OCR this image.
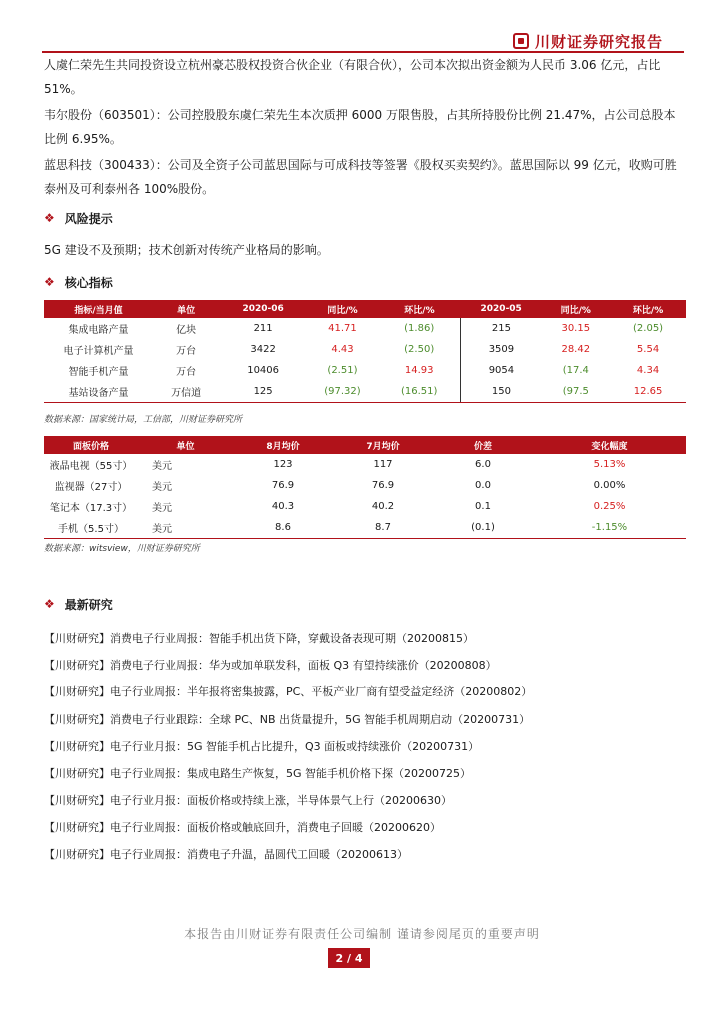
川财证券研究报告

人虞仁荣先生共同投资设立杭州豪芯股权投资合伙企业（有限合伙），公司本次拟出资金额为人民币 3.06 亿元，占比 51%。

韦尔股份（603501）：公司控股股东虞仁荣先生本次质押 6000 万限售股，占其所持股份比例 21.47%，占公司总股本比例 6.95%。

蓝思科技（300433）：公司及全资子公司蓝思国际与可成科技等签署《股权买卖契约》。蓝思国际以 99 亿元，收购可胜泰州及可利泰州各 100%股份。

❖ 风险提示

5G 建设不及预期；技术创新对传统产业格局的影响。

❖ 核心指标
指标/当月值	单位	2020-06	同比/%	环比/%	2020-05	同比/%	环比/%
集成电路产量	亿块	211	41.71	(1.86)	215	30.15	(2.05)
电子计算机产量	万台	3422	4.43	(2.50)	3509	28.42	5.54
智能手机产量	万台	10406	(2.51)	14.93	9054	(17.4	4.34
基站设备产量	万信道	125	(97.32)	(16.51)	150	(97.5	12.65
数据来源：国家统计局，工信部，川财证券研究所
面板价格	单位	8月均价	7月均价	价差	变化幅度
液晶电视（55寸）	美元	123	117	6.0	5.13%
监视器（27寸）	美元	76.9	76.9	0.0	0.00%
笔记本（17.3寸）	美元	40.3	40.2	0.1	0.25%
手机（5.5寸）	美元	8.6	8.7	(0.1)	-1.15%
数据来源：witsview，川财证券研究所
❖ 最新研究
【川财研究】消费电子行业周报：智能手机出货下降，穿戴设备表现可期（20200815）
【川财研究】消费电子行业周报：华为或加单联发科，面板 Q3 有望持续涨价（20200808）
【川财研究】电子行业周报：半年报将密集披露，PC、平板产业厂商有望受益定经济（20200802）
【川财研究】消费电子行业跟踪：全球 PC、NB 出货量提升，5G 智能手机周期启动（20200731）
【川财研究】电子行业月报：5G 智能手机占比提升，Q3 面板或持续涨价（20200731）
【川财研究】电子行业周报：集成电路生产恢复，5G 智能手机价格下探（20200725）
【川财研究】电子行业月报：面板价格或持续上涨，半导体景气上行（20200630）
【川财研究】电子行业周报：面板价格或触底回升，消费电子回暖（20200620）
【川财研究】电子行业周报：消费电子升温，晶圆代工回暖（20200613）
本报告由川财证券有限责任公司编制 谨请参阅尾页的重要声明
2 / 4
